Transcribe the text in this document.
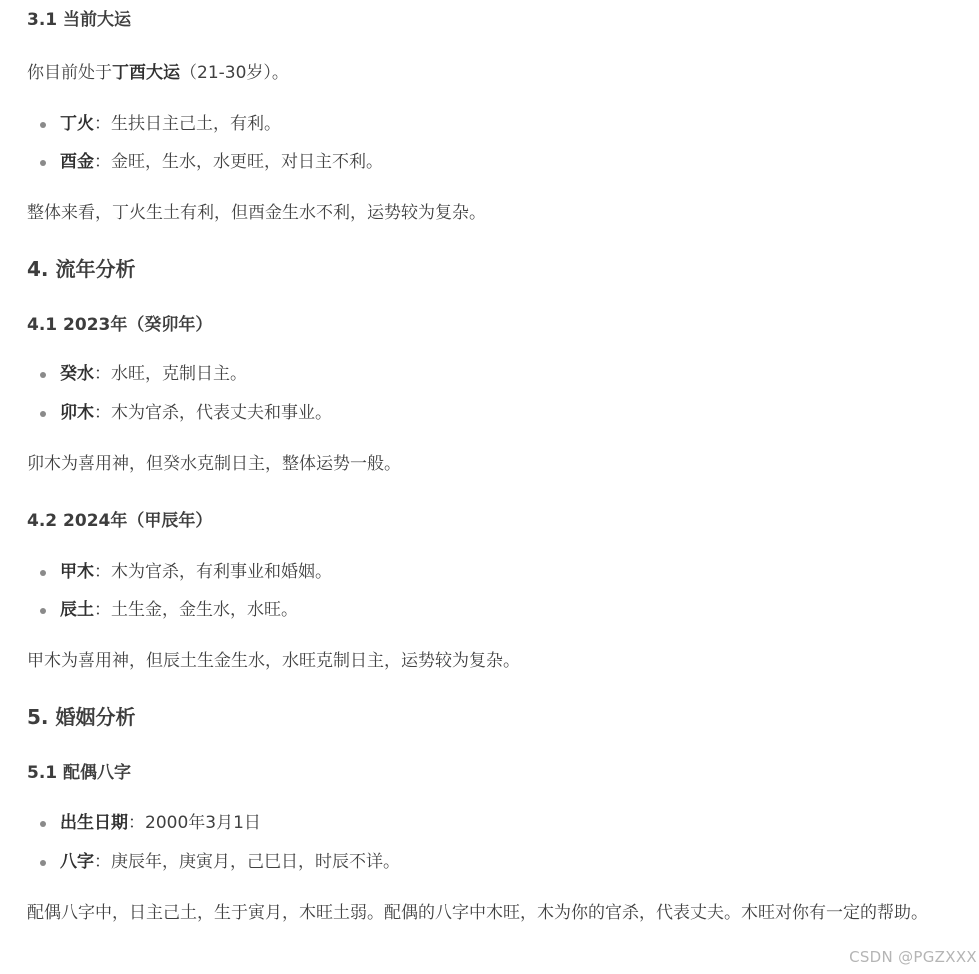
3.1 当前大运
你目前处于丁酉大运（21-30岁）。
丁火：生扶日主己土，有利。
酉金：金旺，生水，水更旺，对日主不利。
整体来看，丁火生土有利，但酉金生水不利，运势较为复杂。
4. 流年分析
4.1 2023年（癸卯年）
癸水：水旺，克制日主。
卯木：木为官杀，代表丈夫和事业。
卯木为喜用神，但癸水克制日主，整体运势一般。
4.2 2024年（甲辰年）
甲木：木为官杀，有利事业和婚姻。
辰土：土生金，金生水，水旺。
甲木为喜用神，但辰土生金生水，水旺克制日主，运势较为复杂。
5. 婚姻分析
5.1 配偶八字
出生日期：2000年3月1日
八字：庚辰年，庚寅月，己巳日，时辰不详。
配偶八字中，日主己土，生于寅月，木旺土弱。配偶的八字中木旺，木为你的官杀，代表丈夫。木旺对你有一定的帮助。
CSDN @PGZXXX
